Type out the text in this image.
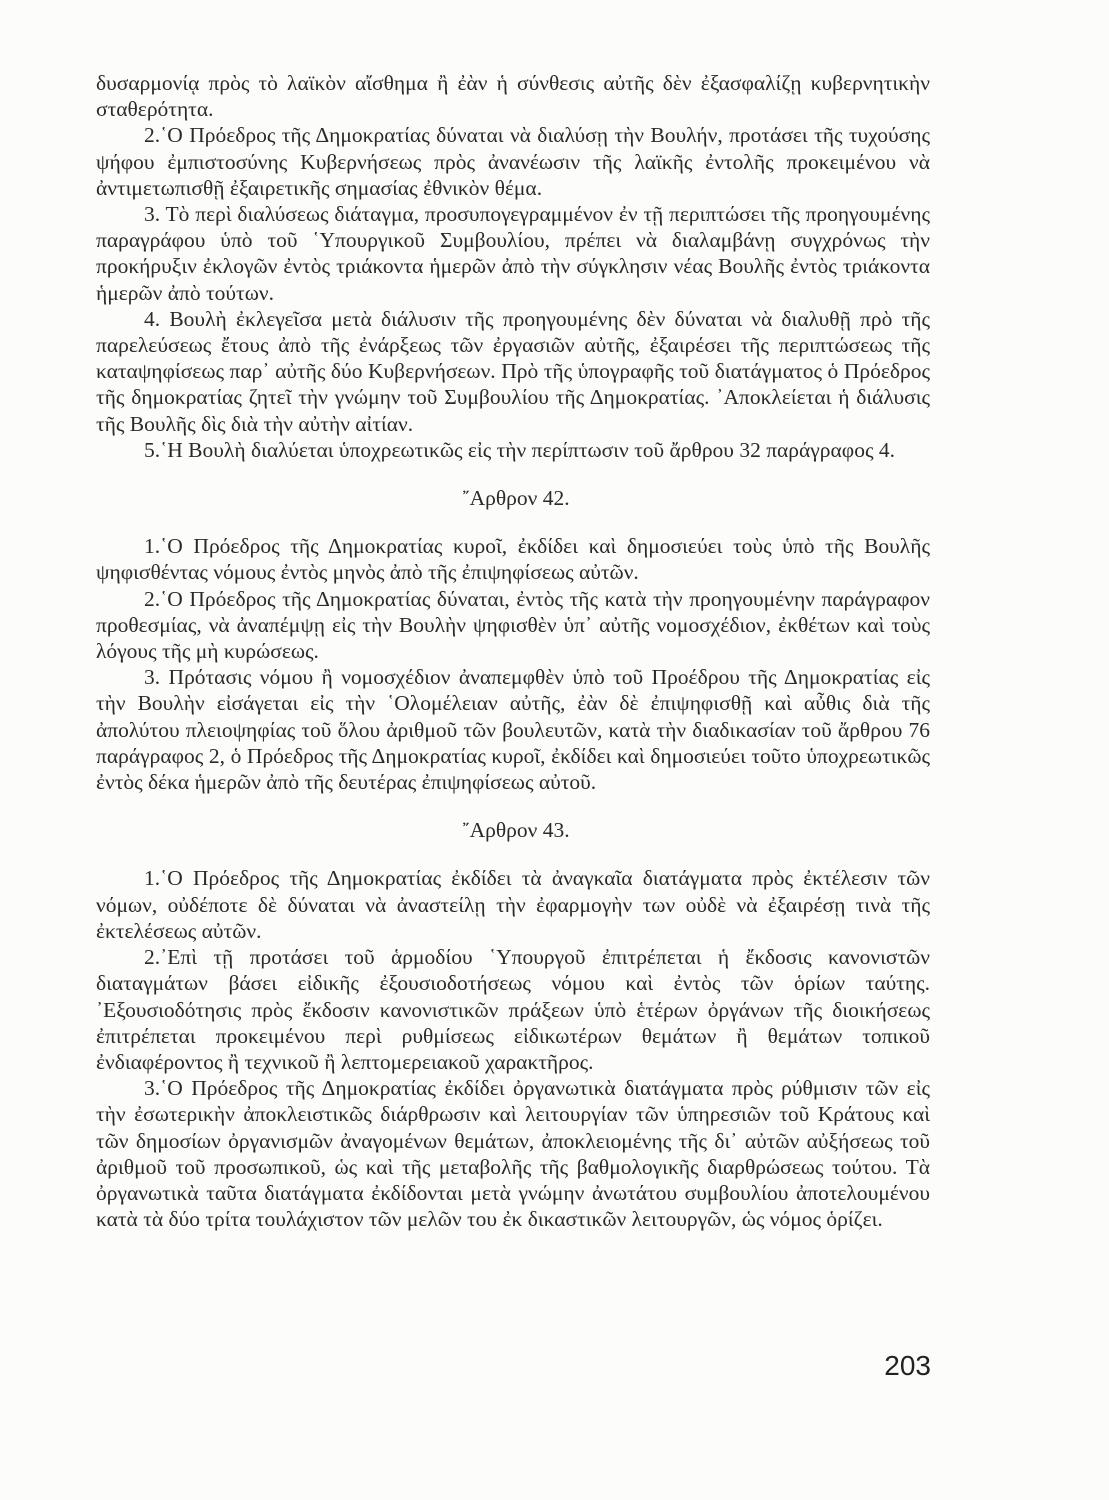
δυσαρμονίᾳ πρὸς τὸ λαϊκὸν αἴσθημα ἢ ἐὰν ἡ σύνθεσις αὐτῆς δὲν ἐξασφαλίζῃ κυβερνητικὴν σταθερότητα.

2.῾Ο Πρόεδρος τῆς Δημοκρατίας δύναται νὰ διαλύσῃ τὴν Βουλήν, προτάσει τῆς τυχούσης ψήφου ἐμπιστοσύνης Κυβερνήσεως πρὸς ἀνανέωσιν τῆς λαϊκῆς ἐντολῆς προκειμένου νὰ ἀντιμετωπισθῇ ἐξαιρετικῆς σημασίας ἐθνικὸν θέμα.

3. Τὸ περὶ διαλύσεως διάταγμα, προσυπογεγραμμένον ἐν τῇ περιπτώσει τῆς προηγουμένης παραγράφου ὑπὸ τοῦ ῾Υπουργικοῦ Συμβουλίου, πρέπει νὰ διαλαμβάνῃ συγχρόνως τὴν προκήρυξιν ἐκλογῶν ἐντὸς τριάκοντα ἡμερῶν ἀπὸ τὴν σύγκλησιν νέας Βουλῆς ἐντὸς τριάκοντα ἡμερῶν ἀπὸ τούτων.

4. Βουλὴ ἐκλεγεῖσα μετὰ διάλυσιν τῆς προηγουμένης δὲν δύναται νὰ διαλυθῇ πρὸ τῆς παρελεύσεως ἔτους ἀπὸ τῆς ἐνάρξεως τῶν ἐργασιῶν αὐτῆς, ἐξαιρέσει τῆς περιπτώσεως τῆς καταψηφίσεως παρ᾽ αὐτῆς δύο Κυβερνήσεων. Πρὸ τῆς ὑπογραφῆς τοῦ διατάγματος ὁ Πρόεδρος τῆς δημοκρατίας ζητεῖ τὴν γνώμην τοῦ Συμβουλίου τῆς Δημοκρατίας. ᾽Αποκλείεται ἡ διάλυσις τῆς Βουλῆς δὶς διὰ τὴν αὐτὴν αἰτίαν.

5.῾Η Βουλὴ διαλύεται ὑποχρεωτικῶς εἰς τὴν περίπτωσιν τοῦ ἄρθρου 32 παράγραφος 4.

῎Αρθρον 42.

1.῾Ο Πρόεδρος τῆς Δημοκρατίας κυροῖ, ἐκδίδει καὶ δημοσιεύει τοὺς ὑπὸ τῆς Βουλῆς ψηφισθέντας νόμους ἐντὸς μηνὸς ἀπὸ τῆς ἐπιψηφίσεως αὐτῶν.

2.῾Ο Πρόεδρος τῆς Δημοκρατίας δύναται, ἐντὸς τῆς κατὰ τὴν προηγουμένην παράγραφον προθεσμίας, νὰ ἀναπέμψῃ εἰς τὴν Βουλὴν ψηφισθὲν ὑπ᾽ αὐτῆς νομοσχέδιον, ἐκθέτων καὶ τοὺς λόγους τῆς μὴ κυρώσεως.

3. Πρότασις νόμου ἢ νομοσχέδιον ἀναπεμφθὲν ὑπὸ τοῦ Προέδρου τῆς Δημοκρατίας εἰς τὴν Βουλὴν εἰσάγεται εἰς τὴν ῾Ολομέλειαν αὐτῆς, ἐὰν δὲ ἐπιψηφισθῇ καὶ αὖθις διὰ τῆς ἀπολύτου πλειοψηφίας τοῦ ὅλου ἀριθμοῦ τῶν βουλευτῶν, κατὰ τὴν διαδικασίαν τοῦ ἄρθρου 76 παράγραφος 2, ὁ Πρόεδρος τῆς Δημοκρατίας κυροῖ, ἐκδίδει καὶ δημοσιεύει τοῦτο ὑποχρεωτικῶς ἐντὸς δέκα ἡμερῶν ἀπὸ τῆς δευτέρας ἐπιψηφίσεως αὐτοῦ.

῎Αρθρον 43.

1.῾Ο Πρόεδρος τῆς Δημοκρατίας ἐκδίδει τὰ ἀναγκαῖα διατάγματα πρὸς ἐκτέλεσιν τῶν νόμων, οὐδέποτε δὲ δύναται νὰ ἀναστείλῃ τὴν ἐφαρμογὴν των οὐδὲ νὰ ἐξαιρέσῃ τινὰ τῆς ἐκτελέσεως αὐτῶν.

2.᾽Επὶ τῇ προτάσει τοῦ ἁρμοδίου ῾Υπουργοῦ ἐπιτρέπεται ἡ ἔκδοσις κανονιστῶν διαταγμάτων βάσει εἰδικῆς ἐξουσιοδοτήσεως νόμου καὶ ἐντὸς τῶν ὁρίων ταύτης. ᾽Εξουσιοδότησις πρὸς ἔκδοσιν κανονιστικῶν πράξεων ὑπὸ ἑτέρων ὀργάνων τῆς διοικήσεως ἐπιτρέπεται προκειμένου περὶ ρυθμίσεως εἰδικωτέρων θεμάτων ἢ θεμάτων τοπικοῦ ἐνδιαφέροντος ἢ τεχνικοῦ ἢ λεπτομερειακοῦ χαρακτῆρος.

3.῾Ο Πρόεδρος τῆς Δημοκρατίας ἐκδίδει ὀργανωτικὰ διατάγματα πρὸς ρύθμισιν τῶν εἰς τὴν ἐσωτερικὴν ἀποκλειστικῶς διάρθρωσιν καὶ λειτουργίαν τῶν ὑπηρεσιῶν τοῦ Κράτους καὶ τῶν δημοσίων ὀργανισμῶν ἀναγομένων θεμάτων, ἀποκλειομένης τῆς δι᾽ αὐτῶν αὐξήσεως τοῦ ἀριθμοῦ τοῦ προσωπικοῦ, ὡς καὶ τῆς μεταβολῆς τῆς βαθμολογικῆς διαρθρώσεως τούτου. Τὰ ὀργανωτικὰ ταῦτα διατάγματα ἐκδίδονται μετὰ γνώμην ἀνωτάτου συμβουλίου ἀποτελουμένου κατὰ τὰ δύο τρίτα τουλάχιστον τῶν μελῶν του ἐκ δικαστικῶν λειτουργῶν, ὡς νόμος ὁρίζει.

203
